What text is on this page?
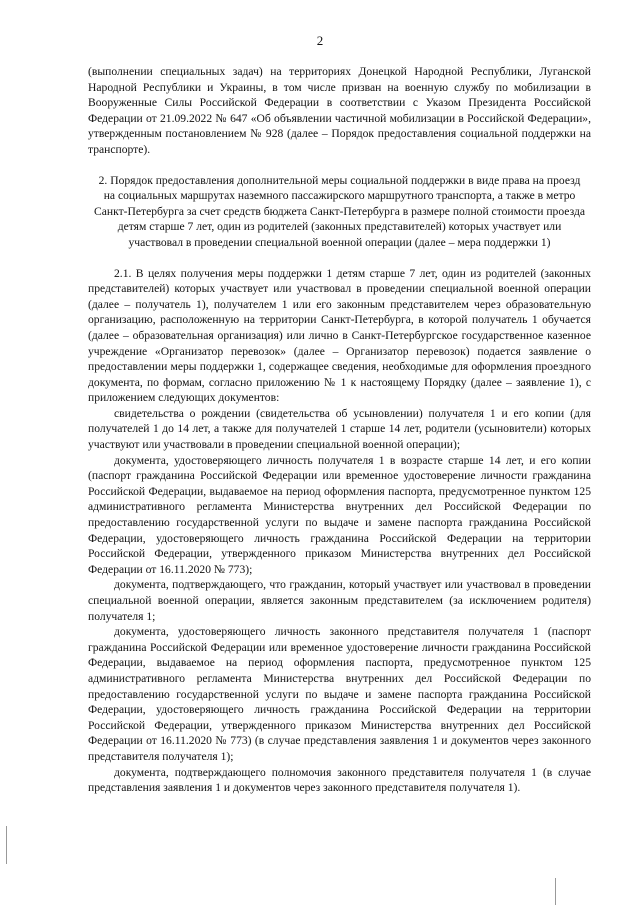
2

(выполнении специальных задач) на территориях Донецкой Народной Республики, Луганской Народной Республики и Украины, в том числе призван на военную службу по мобилизации в Вооруженные Силы Российской Федерации в соответствии с Указом Президента Российской Федерации от 21.09.2022 № 647 «Об объявлении частичной мобилизации в Российской Федерации», утвержденным постановлением № 928 (далее – Порядок предоставления социальной поддержки на транспорте).

2. Порядок предоставления дополнительной меры социальной поддержки в виде права на проезд на социальных маршрутах наземного пассажирского маршрутного транспорта, а также в метро Санкт-Петербурга за счет средств бюджета Санкт-Петербурга в размере полной стоимости проезда детям старше 7 лет, один из родителей (законных представителей) которых участвует или участвовал в проведении специальной военной операции (далее – мера поддержки 1)

2.1. В целях получения меры поддержки 1 детям старше 7 лет, один из родителей (законных представителей) которых участвует или участвовал в проведении специальной военной операции (далее – получатель 1), получателем 1 или его законным представителем через образовательную организацию, расположенную на территории Санкт-Петербурга, в которой получатель 1 обучается (далее – образовательная организация) или лично в Санкт-Петербургское государственное казенное учреждение «Организатор перевозок» (далее – Организатор перевозок) подается заявление о предоставлении меры поддержки 1, содержащее сведения, необходимые для оформления проездного документа, по формам, согласно приложению № 1 к настоящему Порядку (далее – заявление 1), с приложением следующих документов:

свидетельства о рождении (свидетельства об усыновлении) получателя 1 и его копии (для получателей 1 до 14 лет, а также для получателей 1 старше 14 лет, родители (усыновители) которых участвуют или участвовали в проведении специальной военной операции);

документа, удостоверяющего личность получателя 1 в возрасте старше 14 лет, и его копии (паспорт гражданина Российской Федерации или временное удостоверение личности гражданина Российской Федерации, выдаваемое на период оформления паспорта, предусмотренное пунктом 125 административного регламента Министерства внутренних дел Российской Федерации по предоставлению государственной услуги по выдаче и замене паспорта гражданина Российской Федерации, удостоверяющего личность гражданина Российской Федерации на территории Российской Федерации, утвержденного приказом Министерства внутренних дел Российской Федерации от 16.11.2020 № 773);

документа, подтверждающего, что гражданин, который участвует или участвовал в проведении специальной военной операции, является законным представителем (за исключением родителя) получателя 1;

документа, удостоверяющего личность законного представителя получателя 1 (паспорт гражданина Российской Федерации или временное удостоверение личности гражданина Российской Федерации, выдаваемое на период оформления паспорта, предусмотренное пунктом 125 административного регламента Министерства внутренних дел Российской Федерации по предоставлению государственной услуги по выдаче и замене паспорта гражданина Российской Федерации, удостоверяющего личность гражданина Российской Федерации на территории Российской Федерации, утвержденного приказом Министерства внутренних дел Российской Федерации от 16.11.2020 № 773) (в случае представления заявления 1 и документов через законного представителя получателя 1);

документа, подтверждающего полномочия законного представителя получателя 1 (в случае представления заявления 1 и документов через законного представителя получателя 1).
